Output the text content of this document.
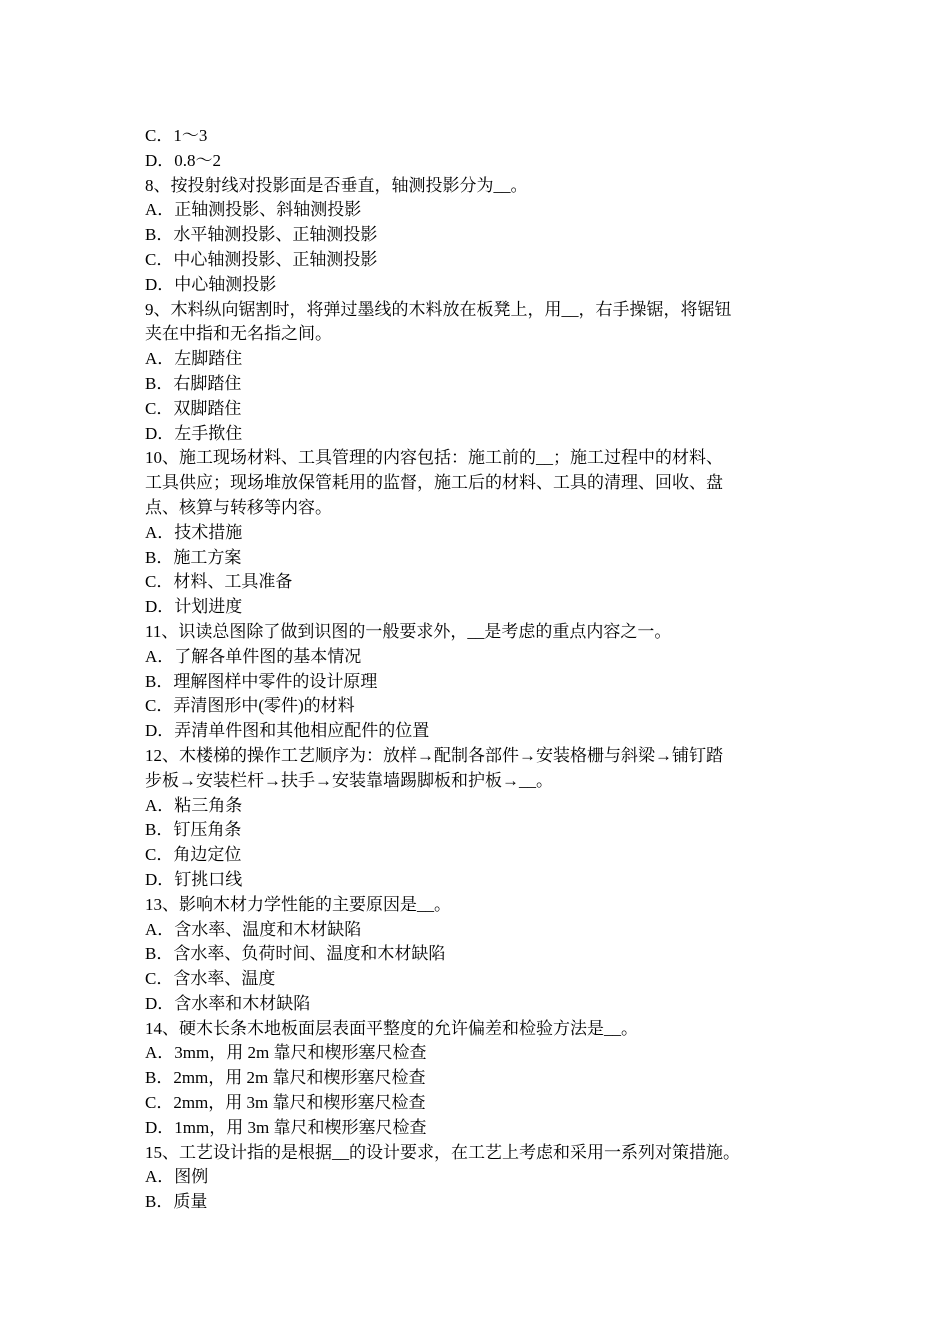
C．1～3
D．0.8～2
8、按投射线对投影面是否垂直，轴测投影分为__。
A．正轴测投影、斜轴测投影
B．水平轴测投影、正轴测投影
C．中心轴测投影、正轴测投影
D．中心轴测投影
9、木料纵向锯割时，将弹过墨线的木料放在板凳上，用__，右手操锯，将锯钮
夹在中指和无名指之间。
A．左脚踏住
B．右脚踏住
C．双脚踏住
D．左手揿住
10、施工现场材料、工具管理的内容包括：施工前的__；施工过程中的材料、
工具供应；现场堆放保管耗用的监督，施工后的材料、工具的清理、回收、盘
点、核算与转移等内容。
A．技术措施
B．施工方案
C．材料、工具准备
D．计划进度
11、识读总图除了做到识图的一般要求外，__是考虑的重点内容之一。
A．了解各单件图的基本情况
B．理解图样中零件的设计原理
C．弄清图形中(零件)的材料
D．弄清单件图和其他相应配件的位置
12、木楼梯的操作工艺顺序为：放样→配制各部件→安装格栅与斜梁→铺钉踏
步板→安装栏杆→扶手→安装靠墙踢脚板和护板→__。
A．粘三角条
B．钉压角条
C．角边定位
D．钉挑口线
13、影响木材力学性能的主要原因是__。
A．含水率、温度和木材缺陷
B．含水率、负荷时间、温度和木材缺陷
C．含水率、温度
D．含水率和木材缺陷
14、硬木长条木地板面层表面平整度的允许偏差和检验方法是__。
A．3mm，用 2m 靠尺和楔形塞尺检查
B．2mm，用 2m 靠尺和楔形塞尺检查
C．2mm，用 3m 靠尺和楔形塞尺检查
D．1mm，用 3m 靠尺和楔形塞尺检查
15、工艺设计指的是根据__的设计要求，在工艺上考虑和采用一系列对策措施。
A．图例
B．质量
